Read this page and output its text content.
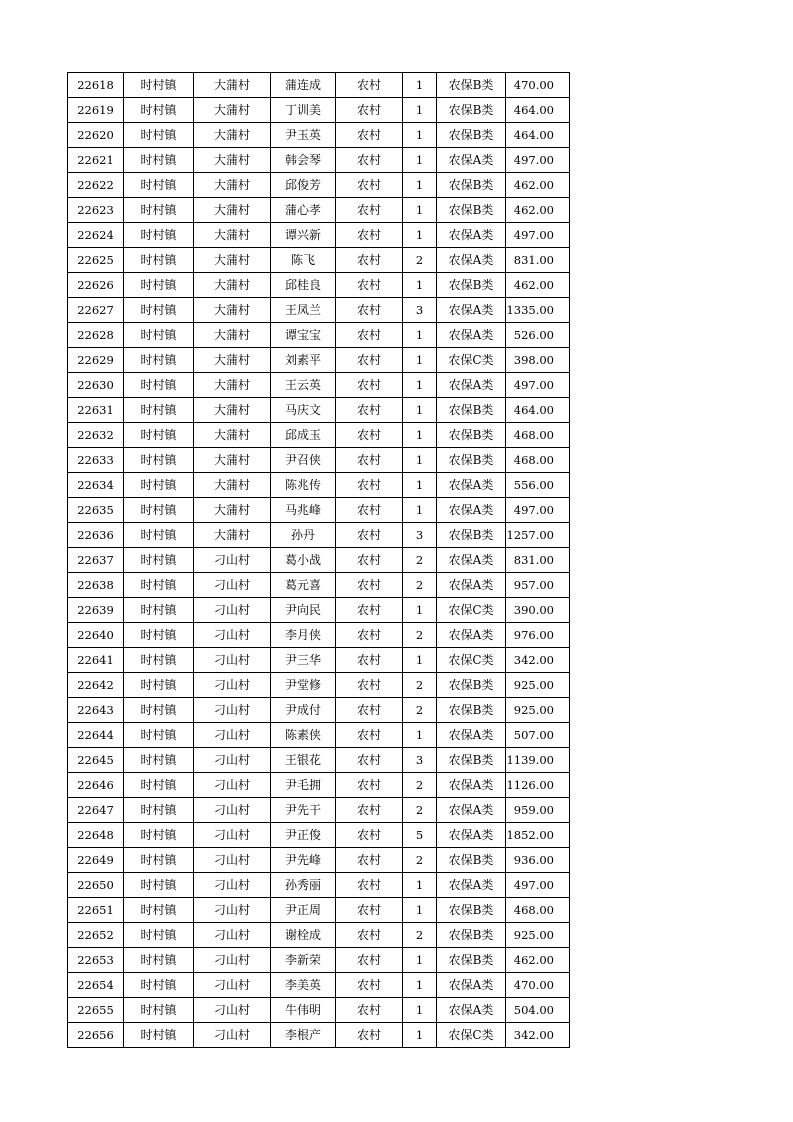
22618	时村镇	大蒲村	蒲连成	农村	1	农保B类	470.00
22619	时村镇	大蒲村	丁训美	农村	1	农保B类	464.00
22620	时村镇	大蒲村	尹玉英	农村	1	农保B类	464.00
22621	时村镇	大蒲村	韩会琴	农村	1	农保A类	497.00
22622	时村镇	大蒲村	邱俊芳	农村	1	农保B类	462.00
22623	时村镇	大蒲村	蒲心孝	农村	1	农保B类	462.00
22624	时村镇	大蒲村	谭兴新	农村	1	农保A类	497.00
22625	时村镇	大蒲村	陈飞	农村	2	农保A类	831.00
22626	时村镇	大蒲村	邱桂良	农村	1	农保B类	462.00
22627	时村镇	大蒲村	王凤兰	农村	3	农保A类	1335.00
22628	时村镇	大蒲村	谭宝宝	农村	1	农保A类	526.00
22629	时村镇	大蒲村	刘素平	农村	1	农保C类	398.00
22630	时村镇	大蒲村	王云英	农村	1	农保A类	497.00
22631	时村镇	大蒲村	马庆文	农村	1	农保B类	464.00
22632	时村镇	大蒲村	邱成玉	农村	1	农保B类	468.00
22633	时村镇	大蒲村	尹召侠	农村	1	农保B类	468.00
22634	时村镇	大蒲村	陈兆传	农村	1	农保A类	556.00
22635	时村镇	大蒲村	马兆峰	农村	1	农保A类	497.00
22636	时村镇	大蒲村	孙丹	农村	3	农保B类	1257.00
22637	时村镇	刁山村	葛小战	农村	2	农保A类	831.00
22638	时村镇	刁山村	葛元喜	农村	2	农保A类	957.00
22639	时村镇	刁山村	尹向民	农村	1	农保C类	390.00
22640	时村镇	刁山村	李月侠	农村	2	农保A类	976.00
22641	时村镇	刁山村	尹三华	农村	1	农保C类	342.00
22642	时村镇	刁山村	尹堂修	农村	2	农保B类	925.00
22643	时村镇	刁山村	尹成付	农村	2	农保B类	925.00
22644	时村镇	刁山村	陈素侠	农村	1	农保A类	507.00
22645	时村镇	刁山村	王银花	农村	3	农保B类	1139.00
22646	时村镇	刁山村	尹毛拥	农村	2	农保A类	1126.00
22647	时村镇	刁山村	尹先干	农村	2	农保A类	959.00
22648	时村镇	刁山村	尹正俊	农村	5	农保A类	1852.00
22649	时村镇	刁山村	尹先峰	农村	2	农保B类	936.00
22650	时村镇	刁山村	孙秀丽	农村	1	农保A类	497.00
22651	时村镇	刁山村	尹正周	农村	1	农保B类	468.00
22652	时村镇	刁山村	谢栓成	农村	2	农保B类	925.00
22653	时村镇	刁山村	李新荣	农村	1	农保B类	462.00
22654	时村镇	刁山村	李美英	农村	1	农保A类	470.00
22655	时村镇	刁山村	牛伟明	农村	1	农保A类	504.00
22656	时村镇	刁山村	李根产	农村	1	农保C类	342.00
